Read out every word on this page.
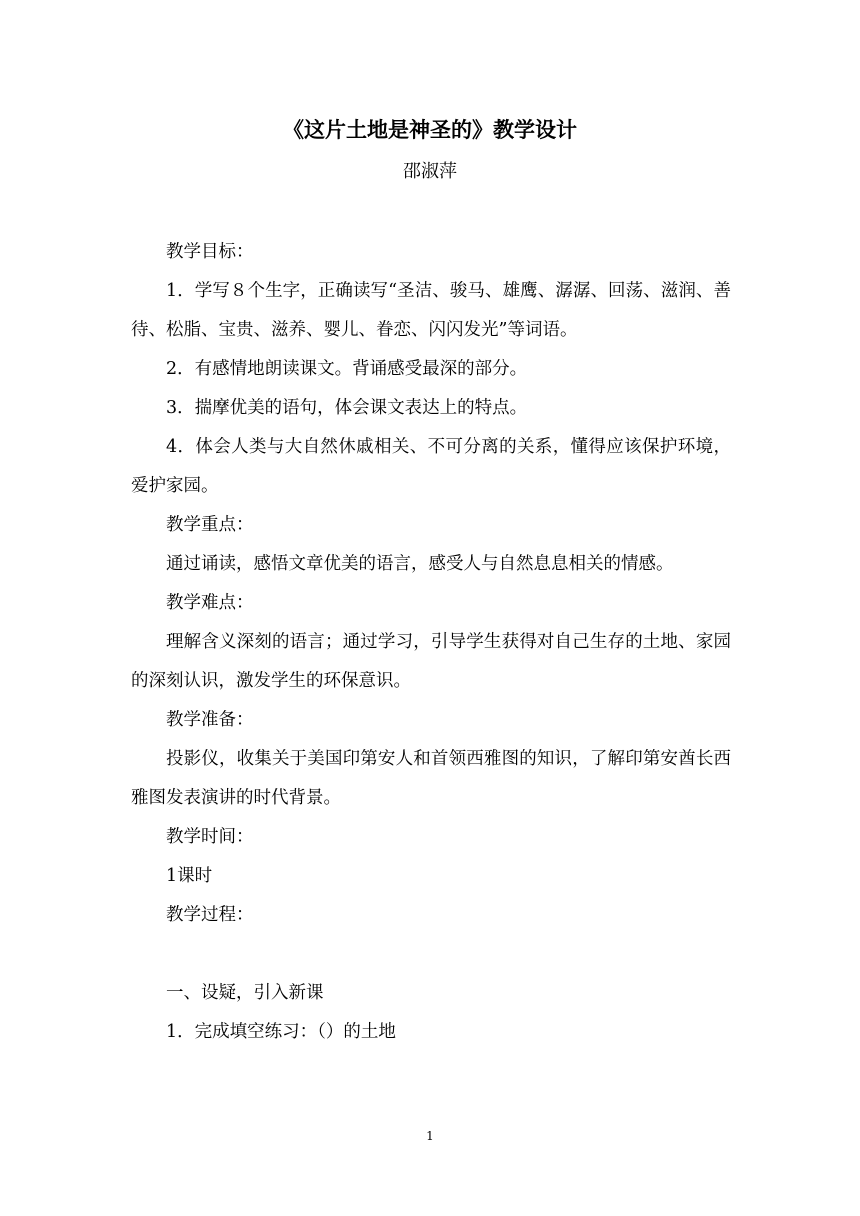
《这片土地是神圣的》教学设计
邵淑萍

教学目标：

1．学写８个生字，正确读写“圣洁、骏马、雄鹰、潺潺、回荡、滋润、善待、松脂、宝贵、滋养、婴儿、眷恋、闪闪发光”等词语。

2．有感情地朗读课文。背诵感受最深的部分。

3．揣摩优美的语句，体会课文表达上的特点。

4．体会人类与大自然休戚相关、不可分离的关系，懂得应该保护环境，爱护家园。

教学重点：

通过诵读，感悟文章优美的语言，感受人与自然息息相关的情感。

教学难点：

理解含义深刻的语言；通过学习，引导学生获得对自己生存的土地、家园的深刻认识，激发学生的环保意识。

教学准备：

投影仪，收集关于美国印第安人和首领西雅图的知识，了解印第安酋长西雅图发表演讲的时代背景。

教学时间：

1课时

教学过程：

一、设疑，引入新课

1．完成填空练习：（）的土地

1
